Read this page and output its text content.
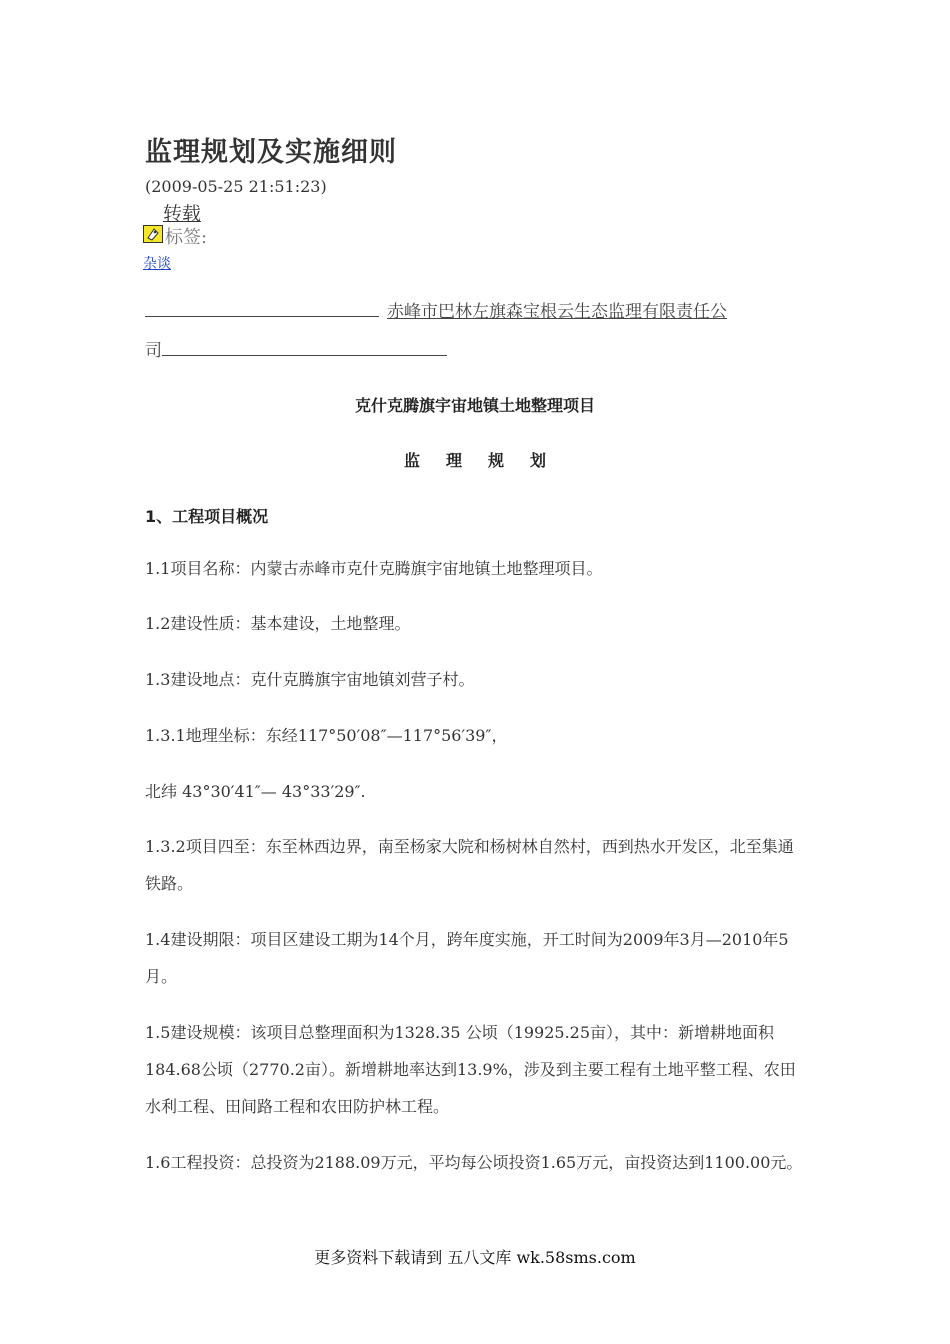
监理规划及实施细则
(2009-05-25 21:51:23)
转载
标签:
杂谈
赤峰市巴林左旗森宝根云生态监理有限责任公
司
克什克腾旗宇宙地镇土地整理项目
监理规划
1、工程项目概况
1.1项目名称：内蒙古赤峰市克什克腾旗宇宙地镇土地整理项目。
1.2建设性质：基本建设，土地整理。
1.3建设地点：克什克腾旗宇宙地镇刘营子村。
1.3.1地理坐标：东经117°50′08″—117°56′39″，
北纬 43°30′41″— 43°33′29″.
1.3.2项目四至：东至林西边界，南至杨家大院和杨树林自然村，西到热水开发区，北至集通铁路。
1.4建设期限：项目区建设工期为14个月，跨年度实施，开工时间为2009年3月—2010年5月。
1.5建设规模：该项目总整理面积为1328.35 公顷（19925.25亩），其中：新增耕地面积184.68公顷（2770.2亩）。新增耕地率达到13.9%，涉及到主要工程有土地平整工程、农田水利工程、田间路工程和农田防护林工程。
1.6工程投资：总投资为2188.09万元，平均每公顷投资1.65万元，亩投资达到1100.00元。
更多资料下载请到 五八文库 wk.58sms.com
